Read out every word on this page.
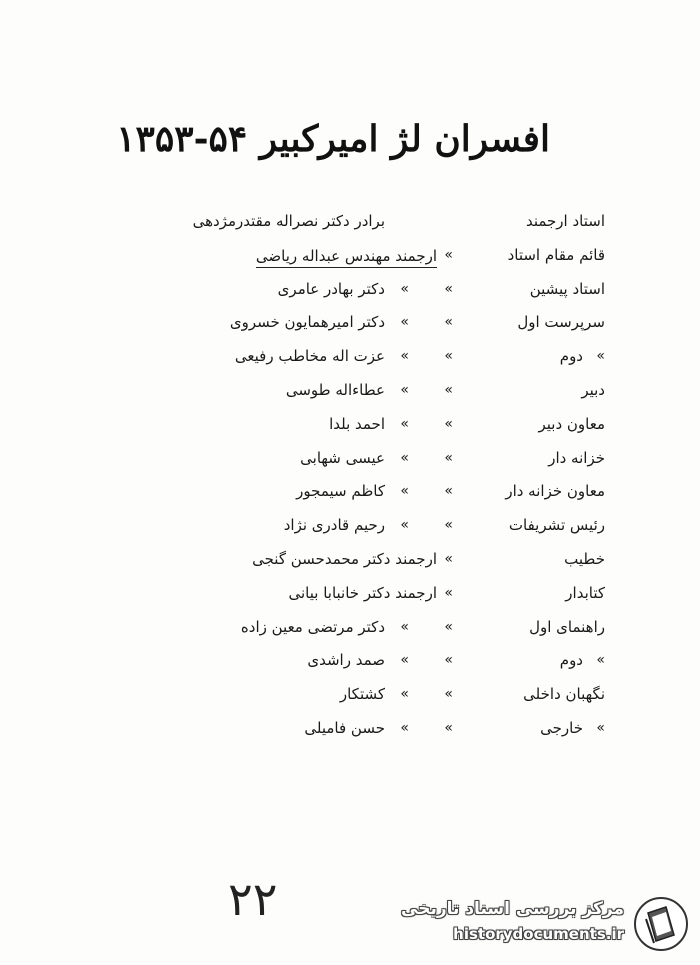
افسران لژ امیرکبیر ۵۴-۱۳۵۳
استاد ارجمند
برادر دکتر نصراله مقتدرمژدهی
قائم مقام استاد
»
ارجمند مهندس عبداله ریاضی
استاد پیشین
»
»
دکتر بهادر عامری
سرپرست اول
»
»
دکتر امیرهمایون خسروی
»
دوم
»
»
عزت اله مخاطب رفیعی
دبیر
»
»
عطاءاله طوسی
معاون دبیر
»
»
احمد بلدا
خزانه دار
»
»
عیسی شهابی
معاون خزانه دار
»
»
کاظم سیمجور
رئیس تشریفات
»
»
رحیم قادری نژاد
خطیب
»
ارجمند دکتر محمدحسن گنجی
کتابدار
»
ارجمند دکتر خانبابا بیانی
راهنمای اول
»
»
دکتر مرتضی معین زاده
»
دوم
»
»
صمد راشدی
نگهبان داخلی
»
»
کشتکار
»
خارجی
»
»
حسن فامیلی
۲۲	مرکز بررسی اسناد تاریخی
historydocuments.ir
